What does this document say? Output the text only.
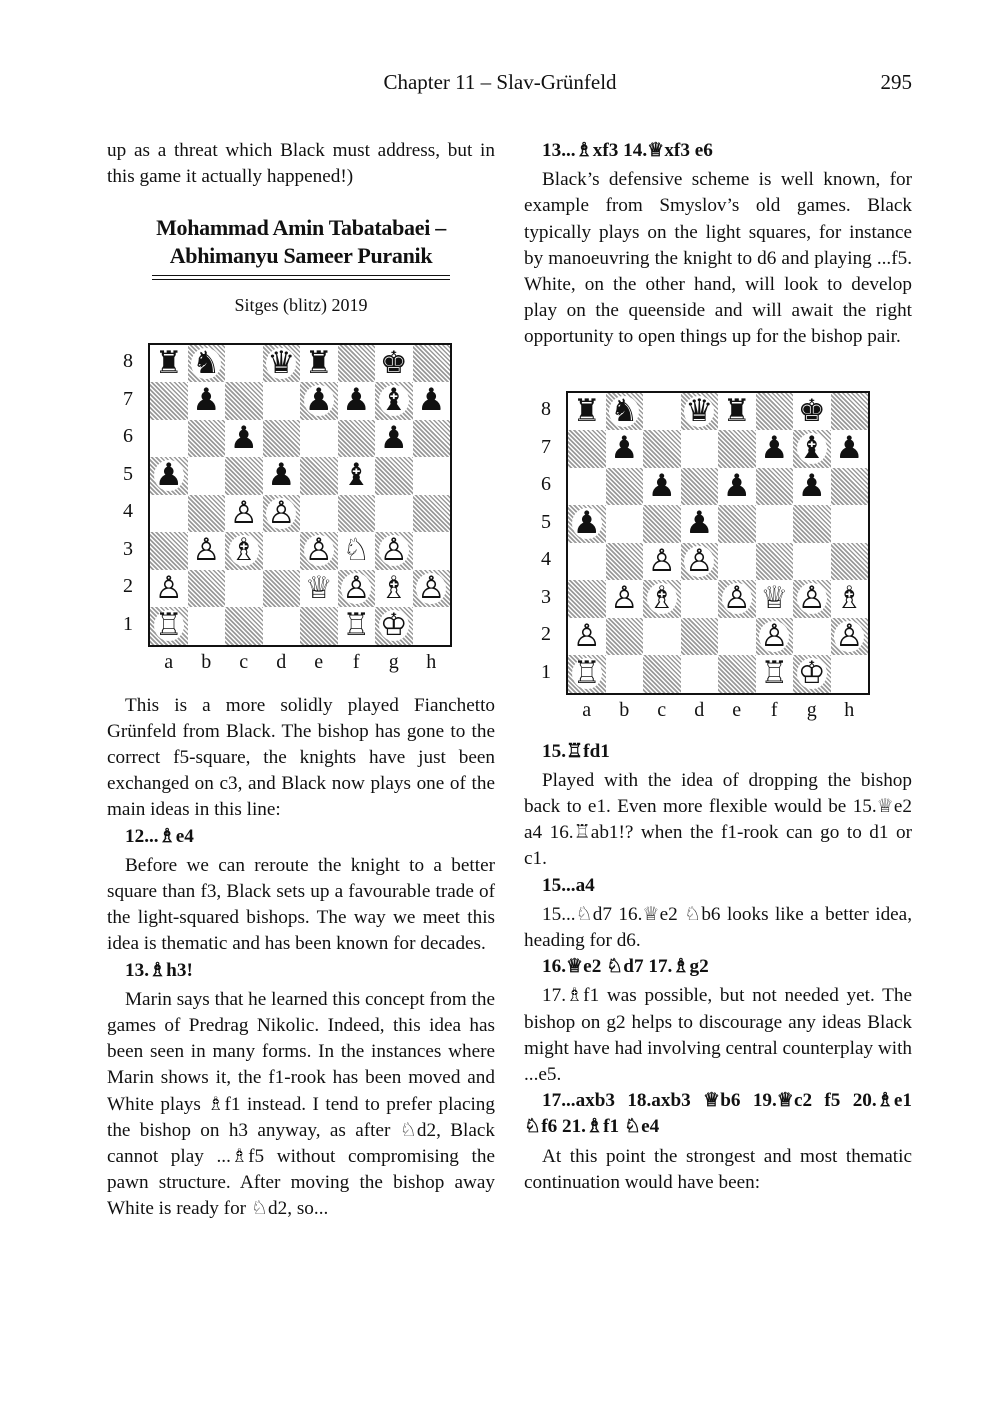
Chapter 11 – Slav-Grünfeld	295

up as a threat which Black must address, but in this game it actually happened!)

Mohammad Amin Tabatabaei –
Abhimanyu Sameer Puranik
Sitges (blitz) 2019
♜ ♞ ♛ ♜ ♚
♟	♟ ♟ ♝ ♟
♟	♟
♟	♟ ♝
♙ ♙
♙ ♗ ♙ ♘ ♙
♙	♕ ♙ ♗ ♙
♖	♖ ♔
8
7
6
5
4
3
2
1
a	b	c	d	e	f	g	h

This is a more solidly played Fianchetto Grünfeld from Black. The bishop has gone to the correct f5-square, the knights have just been exchanged on c3, and Black now plays one of the main ideas in this line:

12...♗e4

Before we can reroute the knight to a better square than f3, Black sets up a favourable trade of the light-squared bishops. The way we meet this idea is thematic and has been known for decades.

13.♗h3!

Marin says that he learned this concept from the games of Predrag Nikolic. Indeed, this idea has been seen in many forms. In the instances where Marin shows it, the f1-rook has been moved and White plays ♗f1 instead. I tend to prefer placing the bishop on h3 anyway, as after ♘d2, Black cannot play ...♗f5 without compromising the pawn structure. After moving the bishop away White is ready for ♘d2, so...

13...♗xf3 14.♕xf3 e6

Black’s defensive scheme is well known, for example from Smyslov’s old games. Black typically plays on the light squares, for instance by manoeuvring the knight to d6 and playing ...f5. White, on the other hand, will look to develop play on the queenside and will await the right opportunity to open things up for the bishop pair.

♜ ♞ ♛ ♜ ♚
♟	♟ ♝ ♟
♟ ♟ ♟
♟	♟
♙ ♙
♙ ♗ ♙ ♕ ♙ ♗
♙	♙ ♙
♖	♖ ♔
8
7
6
5
4
3
2
1
a	b	c	d	e	f	g	h

15.♖fd1

Played with the idea of dropping the bishop back to e1. Even more flexible would be 15.♕e2 a4 16.♖ab1!? when the f1-rook can go to d1 or c1.

15...a4

15...♘d7 16.♕e2 ♘b6 looks like a better idea, heading for d6.

16.♕e2 ♘d7 17.♗g2

17.♗f1 was possible, but not needed yet. The bishop on g2 helps to discourage any ideas Black might have had involving central counterplay with ...e5.

17...axb3 18.axb3 ♕b6 19.♕c2 f5 20.♗e1 ♘f6 21.♗f1 ♘e4

At this point the strongest and most thematic continuation would have been:
